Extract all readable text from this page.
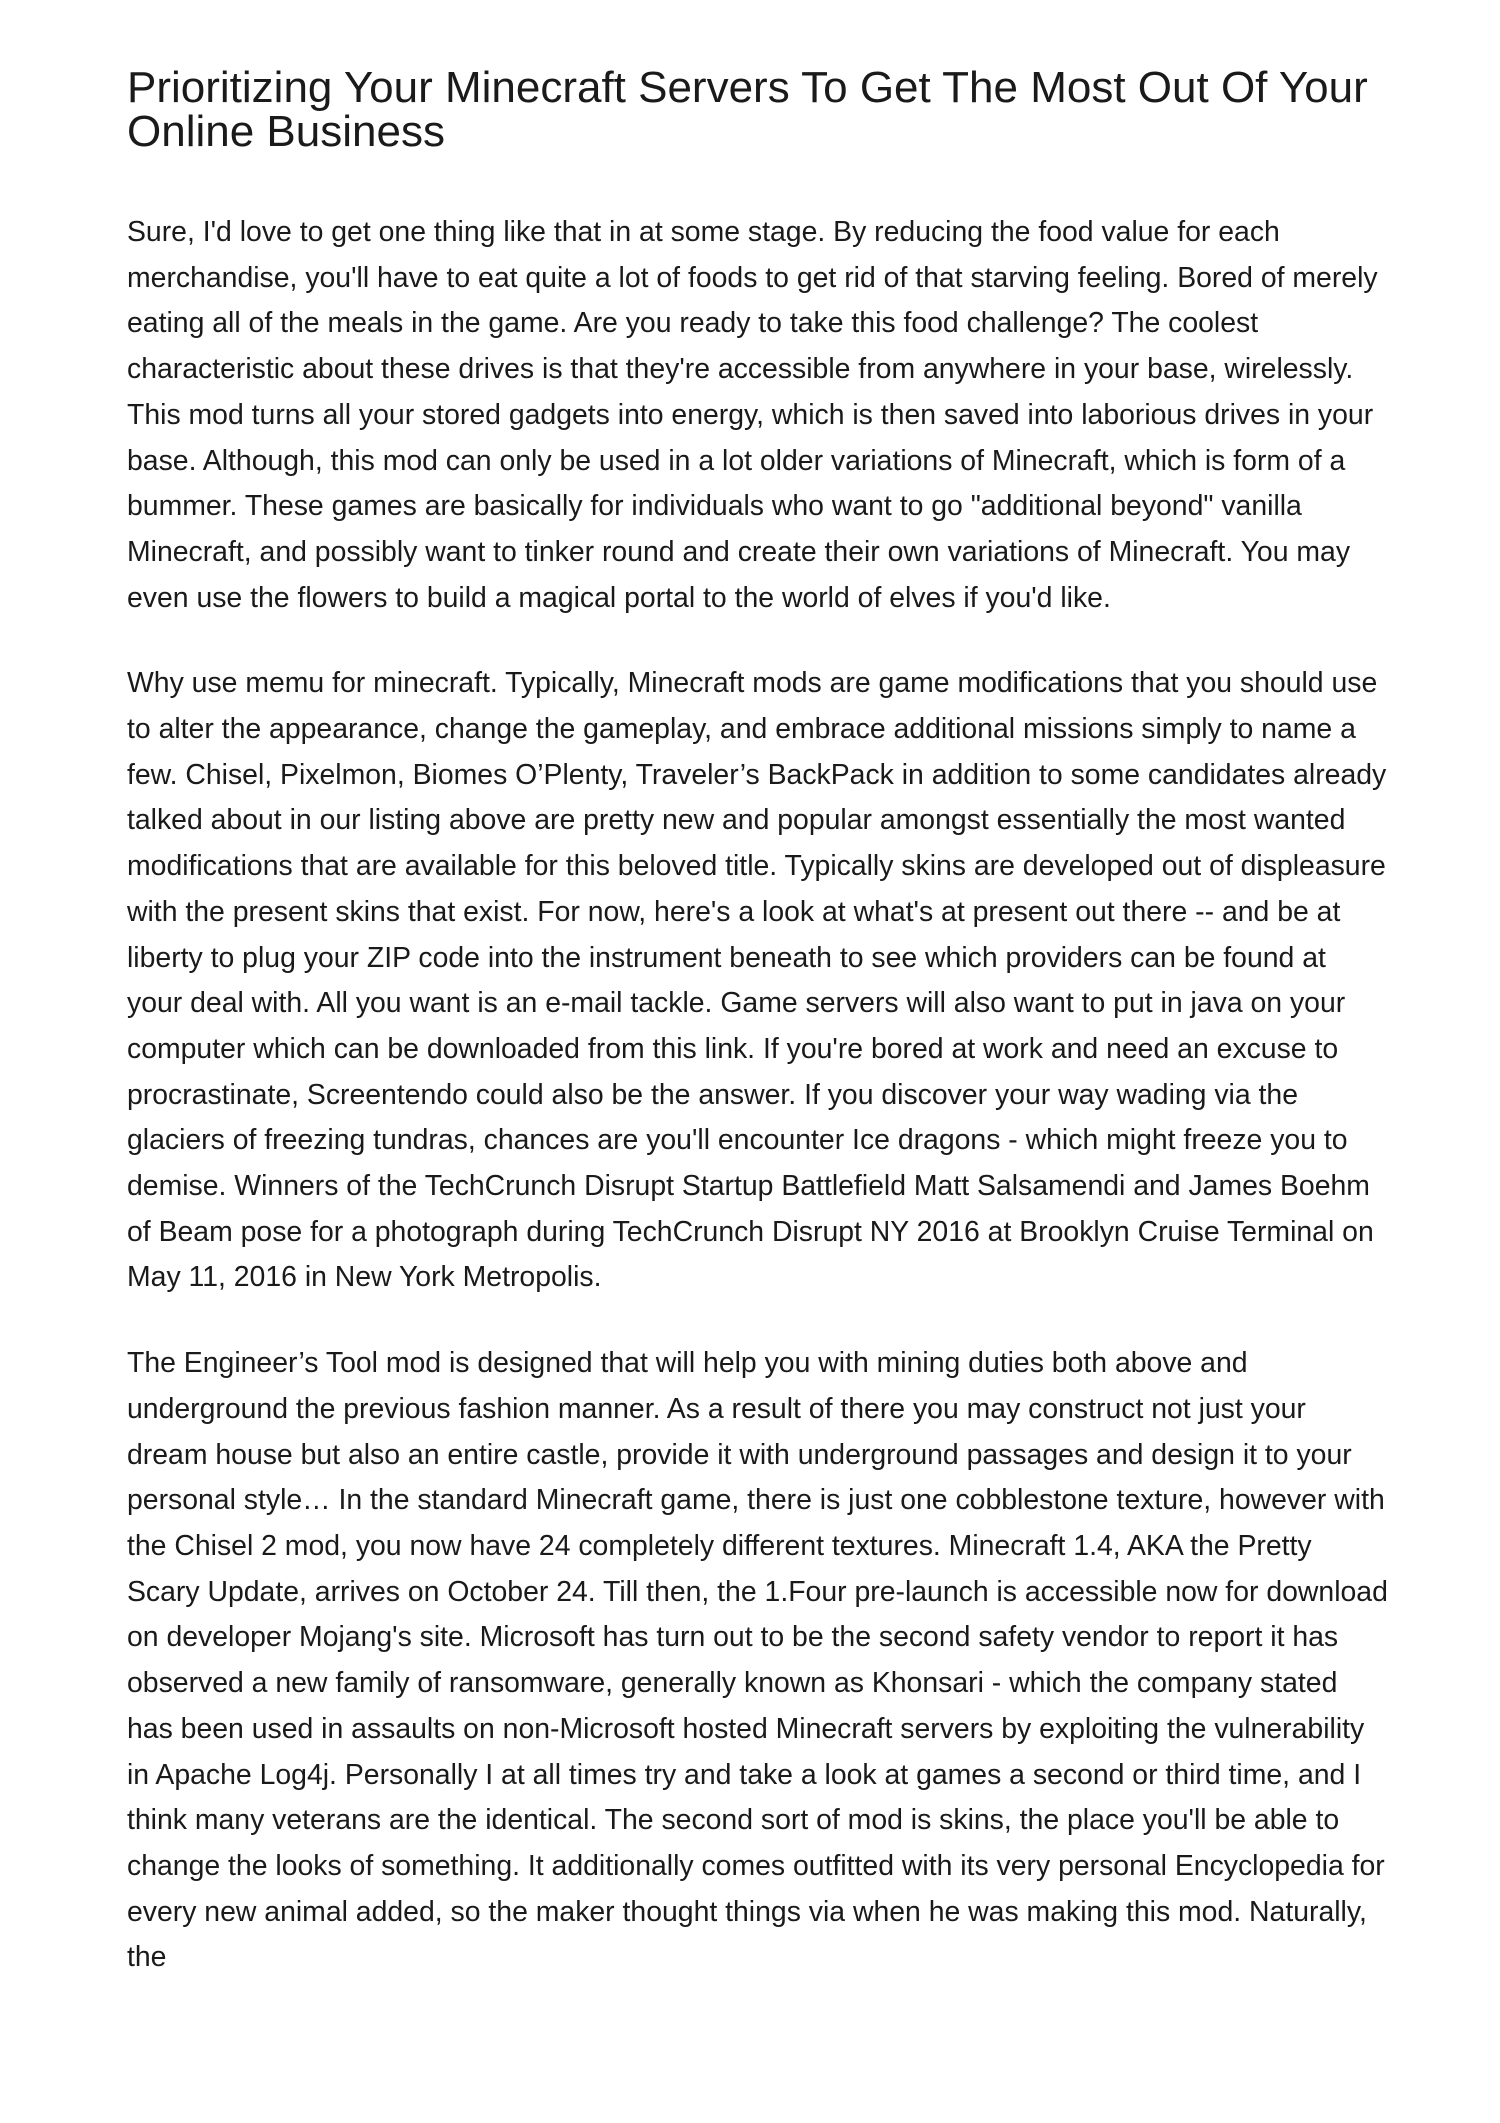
Prioritizing Your Minecraft Servers To Get The Most Out Of Your Online Business

Sure, I'd love to get one thing like that in at some stage. By reducing the food value for each merchandise, you'll have to eat quite a lot of foods to get rid of that starving feeling. Bored of merely eating all of the meals in the game. Are you ready to take this food challenge? The coolest characteristic about these drives is that they're accessible from anywhere in your base, wirelessly. This mod turns all your stored gadgets into energy, which is then saved into laborious drives in your base. Although, this mod can only be used in a lot older variations of Minecraft, which is form of a bummer. These games are basically for individuals who want to go "additional beyond" vanilla Minecraft, and possibly want to tinker round and create their own variations of Minecraft. You may even use the flowers to build a magical portal to the world of elves if you'd like.

Why use memu for minecraft. Typically, Minecraft mods are game modifications that you should use to alter the appearance, change the gameplay, and embrace additional missions simply to name a few. Chisel, Pixelmon, Biomes O’Plenty, Traveler’s BackPack in addition to some candidates already talked about in our listing above are pretty new and popular amongst essentially the most wanted modifications that are available for this beloved title. Typically skins are developed out of displeasure with the present skins that exist. For now, here's a look at what's at present out there -- and be at liberty to plug your ZIP code into the instrument beneath to see which providers can be found at your deal with. All you want is an e-mail tackle. Game servers will also want to put in java on your computer which can be downloaded from this link. If you're bored at work and need an excuse to procrastinate, Screentendo could also be the answer. If you discover your way wading via the glaciers of freezing tundras, chances are you'll encounter Ice dragons - which might freeze you to demise. Winners of the TechCrunch Disrupt Startup Battlefield Matt Salsamendi and James Boehm of Beam pose for a photograph during TechCrunch Disrupt NY 2016 at Brooklyn Cruise Terminal on May 11, 2016 in New York Metropolis.

The Engineer’s Tool mod is designed that will help you with mining duties both above and underground the previous fashion manner. As a result of there you may construct not just your dream house but also an entire castle, provide it with underground passages and design it to your personal style… In the standard Minecraft game, there is just one cobblestone texture, however with the Chisel 2 mod, you now have 24 completely different textures. Minecraft 1.4, AKA the Pretty Scary Update, arrives on October 24. Till then, the 1.Four pre-launch is accessible now for download on developer Mojang's site. Microsoft has turn out to be the second safety vendor to report it has observed a new family of ransomware, generally known as Khonsari - which the company stated has been used in assaults on non-Microsoft hosted Minecraft servers by exploiting the vulnerability in Apache Log4j. Personally I at all times try and take a look at games a second or third time, and I think many veterans are the identical. The second sort of mod is skins, the place you'll be able to change the looks of something. It additionally comes outfitted with its very personal Encyclopedia for every new animal added, so the maker thought things via when he was making this mod. Naturally, the
